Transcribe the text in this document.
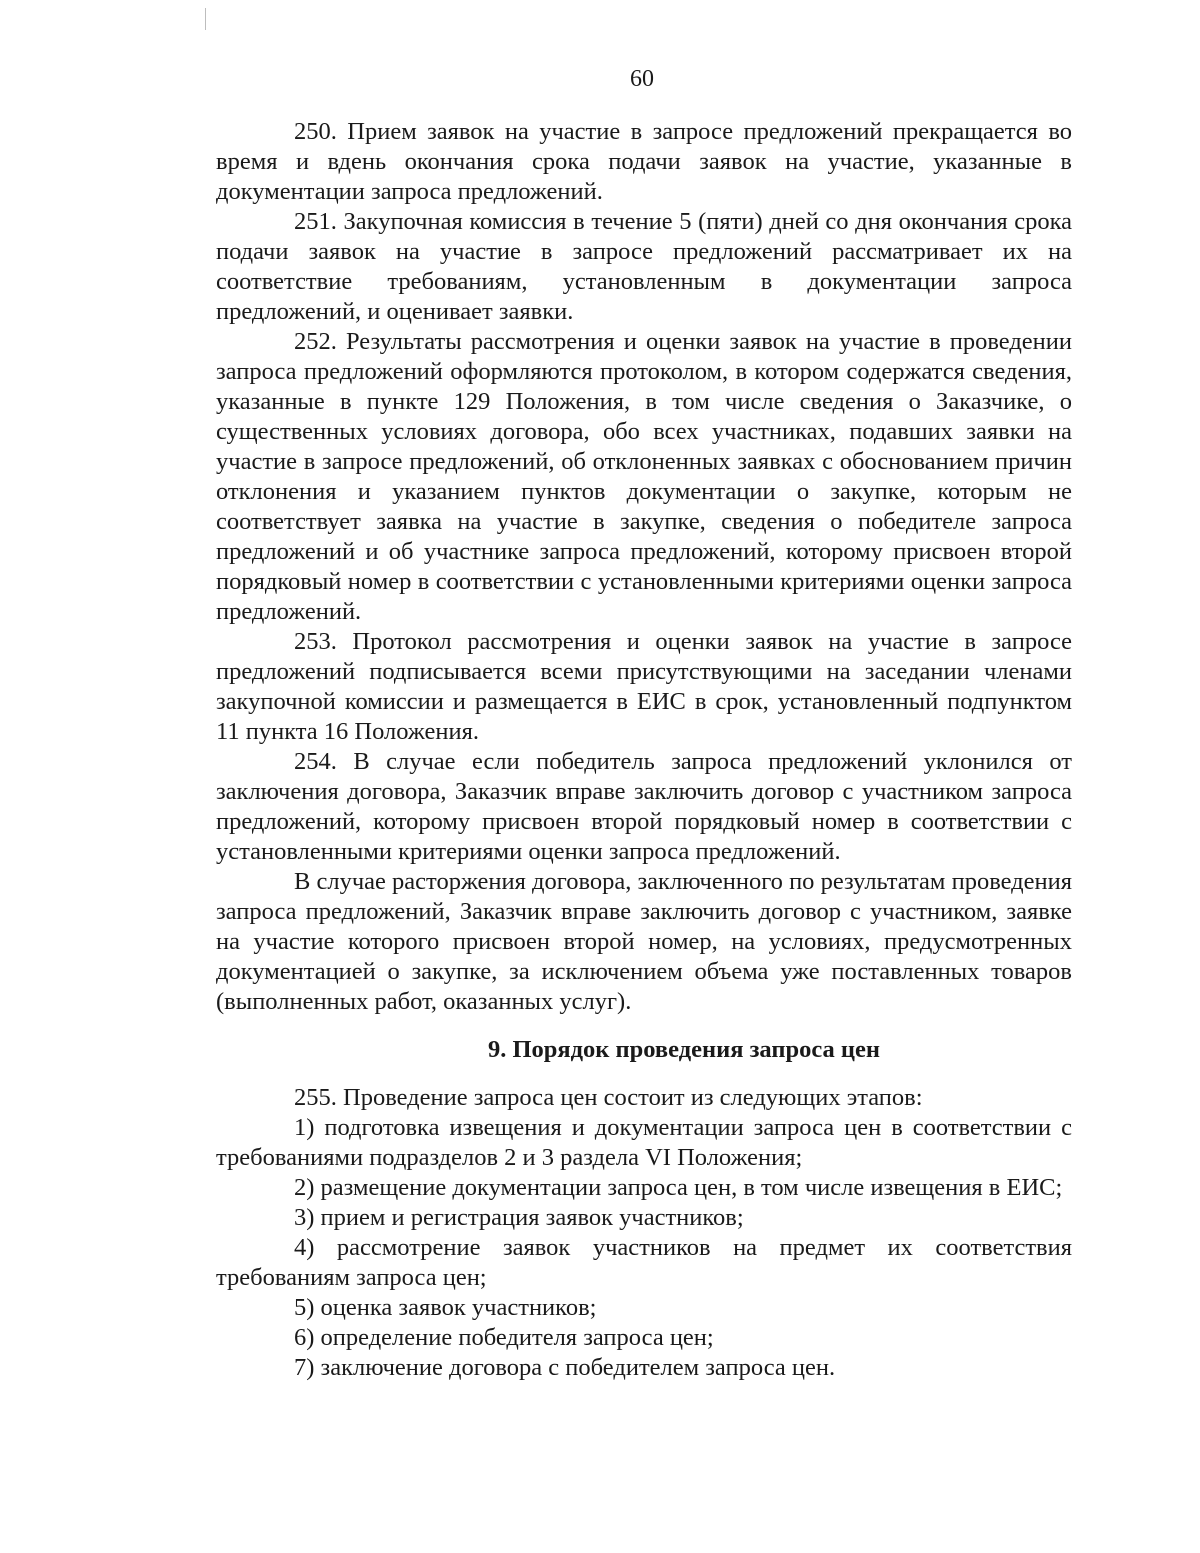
60

250. Прием заявок на участие в запросе предложений прекращается во время и вдень окончания срока подачи заявок на участие, указанные в документации запроса предложений.

251. Закупочная комиссия в течение 5 (пяти) дней со дня окончания срока подачи заявок на участие в запросе предложений рассматривает их на соответствие требованиям, установленным в документации запроса предложений, и оценивает заявки.

252. Результаты рассмотрения и оценки заявок на участие в проведении запроса предложений оформляются протоколом, в котором содержатся сведения, указанные в пункте 129 Положения, в том числе сведения о Заказчике, о существенных условиях договора, обо всех участниках, подавших заявки на участие в запросе предложений, об отклоненных заявках с обоснованием причин отклонения и указанием пунктов документации о закупке, которым не соответствует заявка на участие в закупке, сведения о победителе запроса предложений и об участнике запроса предложений, которому присвоен второй порядковый номер в соответствии с установленными критериями оценки запроса предложений.

253. Протокол рассмотрения и оценки заявок на участие в запросе предложений подписывается всеми присутствующими на заседании членами закупочной комиссии и размещается в ЕИС в срок, установленный подпунктом 11 пункта 16 Положения.

254. В случае если победитель запроса предложений уклонился от заключения договора, Заказчик вправе заключить договор с участником запроса предложений, которому присвоен второй порядковый номер в соответствии с установленными критериями оценки запроса предложений.

В случае расторжения договора, заключенного по результатам проведения запроса предложений, Заказчик вправе заключить договор с участником, заявке на участие которого присвоен второй номер, на условиях, предусмотренных документацией о закупке, за исключением объема уже поставленных товаров (выполненных работ, оказанных услуг).

9. Порядок проведения запроса цен

255. Проведение запроса цен состоит из следующих этапов:

1) подготовка извещения и документации запроса цен в соответствии с требованиями подразделов 2 и 3 раздела VI Положения;

2) размещение документации запроса цен, в том числе извещения в ЕИС;

3) прием и регистрация заявок участников;

4) рассмотрение заявок участников на предмет их соответствия требованиям запроса цен;

5) оценка заявок участников;

6) определение победителя запроса цен;

7) заключение договора с победителем запроса цен.
